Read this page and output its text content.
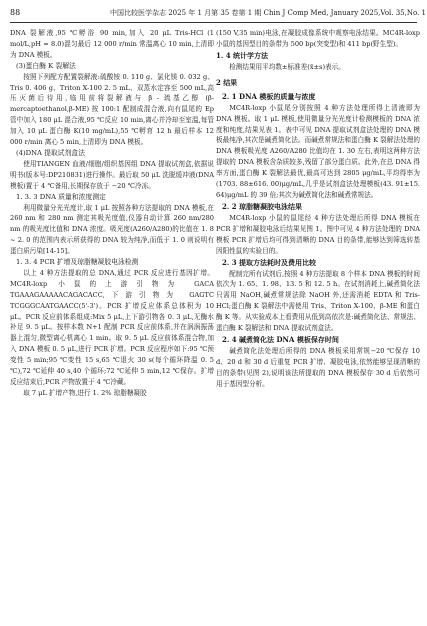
88	中国比较医学杂志 2025 年 1 月第 35 卷第 1 期 Chin J Comp Med, January 2025,Vol. 35,No. 1

DNA 裂解液,95 ℃孵浴 90 min,加入 20 μL Tris-HCl (1 mol/L,pH = 8.0)混匀最后 12 000 r/min 常温离心 10 min,上清即为 DNA 模板。

(3)蛋白酶 K 裂解法

按照下列配方配置裂解液:硫酸铵 0. 110 g、氯化镁 0. 032 g、Tris 0. 406 g、Triton X-100 2. 5 mL、双蒸水定容至 500 mL,高压灭菌后待用,临用前将裂解液与 β - 巯基乙醇 (β-mercaptoethanol,β-ME) 按 100:1 配制成混合液,向有鼠尾的 Ep 管中加入 180 μL 混合液,95 ℃反应 10 min,离心并冷却至室温,每管加入 10 μL 蛋白酶 K(10 mg/mL),55 ℃孵育 12 h 最后样本 12 000 r/min 离心 5 min,上清即为 DNA 模板。

(4)DNA 提取试剂盒法

使用TIANGEN 血液/细胞/组织基因组 DNA 提取试剂盒,依据说明书(版本号:DP210831)进行操作。最后取 50 μL 洗脱缓冲液(DNA 模板)置于 4 ℃备用,长期保存放于 −20 ℃冷冻。

1. 3. 3 DNA 质量和浓度测定

利用微量分光光度计,取 1 μL 按照各种方法提取的 DNA 模板,在 260 nm 和 280 nm 测定其吸光度值,仪器自动计算 260 nm/280 nm 的吸光度比值和 DNA 浓度。吸光度(A260/A280)的比值在 1. 8 ~ 2. 0 的范围内表示所获得的 DNA 较为纯净,而低于 1. 0 则说明有蛋白质污染[14-15]。

1. 3. 4 PCR 扩增及琼脂糖凝胶电泳检测

以上 4 种方法提取的总 DNA,通过 PCR 反应进行基因扩增。MC4R-loxp 小鼠的上游引物为 GACA TGAAAGAAAAACAGACACC,下游引物为 GAGTC TCGGGCAATGAACC(5'-3')。PCR 扩增反应体系总体积为 10 μL。PCR 反应前体系组成:Mix 5 μL,上下游引物各 0. 3 μL,无酶水补足 9. 5 μL。按样本数 N+1 配制 PCR 反应前体系,并在涡涡振荡器上混匀,微型离心机离心 1 min。取 9. 5 μL 反应前体系混合物,加入 DNA 模板 0. 5 μL,进行 PCR 扩增。PCR 反应程序如下:95 ℃预变性 5 min;95 ℃变性 15 s,65 ℃退火 30 s(每个循环降温 0. 5 ℃),72 ℃延伸 40 s,40 个循环;72 ℃延伸 5 min,12 ℃保存。扩增反应结束后,PCR 产物放置于 4 ℃冷藏。

取 7 μL 扩增产物,进行 1. 2% 琼脂糖凝胶

(150 V,35 min)电泳,在凝胶成像系统中观察电泳结果。MC4R-loxp 小鼠的基因型目的条带为 500 bp(突变型)和 411 bp(野生型)。

1. 4 统计学方法

检测结果用平均数±标准差(x̄±s)表示。

2 结果
2. 1 DNA 模板的质量与浓度

MC4R-loxp 小鼠尾分别按照 4 种方法处理所得上清液即为 DNA 模板。取 1 μL 模板,使用微量分光光度计检测模板的 DNA 浓度和纯度,结果见表 1。表中可见 DNA 提取试剂盒法处理的 DNA 模板最纯净,其次是碱煮简化法。而碱煮常规法和蛋白酶 K 裂解法处理的 DNA 模板吸光度 A260/A280 比值均在 1. 30 左右,表明这两种方法提取的 DNA 模板含杂质较多,残留了部分蛋白质。此外,在总 DNA 得率方面,蛋白酶 K 裂解法最优,最高可达到 2805 μg/mL,平均得率为(1703. 88±616. 00)μg/mL,几乎是试剂盒法处理模板(43. 91±15. 64)μg/mL 的 39 倍;其次为碱煮简化法和碱煮常规法。

2. 2 琼脂糖凝胶电泳结果

MC4R-loxp 小鼠的鼠尾经 4 种方法处理后所得 DNA 模板在 PCR 扩增和凝胶电泳后结果见图 1。图中可见 4 种方法处理的 DNA 模板 PCR 扩增后均可得到清晰的 DNA 目的条带,能够达到筛选转基因阳性鼠的实验目的。

2. 3 提取方法耗时及费用比较

配制完所有试剂后,按照 4 种方法提取 8 个样本 DNA 模板的时间依次为 1. 65、1. 98、13. 5 和 12. 5 h。在试剂消耗上,碱煮简化法只需用 NaOH,碱煮常规法除 NaOH 外,还需消耗 EDTA 和 Tris-HCl;蛋白酶 K 裂解法中需使用 Tris、Triton X-100、β-ME 和蛋白酶 K 等。从实验成本上看费用从低到高依次是:碱煮简化法、常规法、蛋白酶 K 裂解法和 DNA 提取试剂盒法。

2. 4 碱煮简化法 DNA 模板保存时间

碱煮简化法处理后所得的 DNA 模板采用常规−20 ℃保存 10 d、20 d 和 30 d 后重复 PCR 扩增、凝胶电泳,依然能够呈现清晰的目的条带(见图 2),说明该法所提取的 DNA 模板保存 30 d 后依然可用于基因型分析。
